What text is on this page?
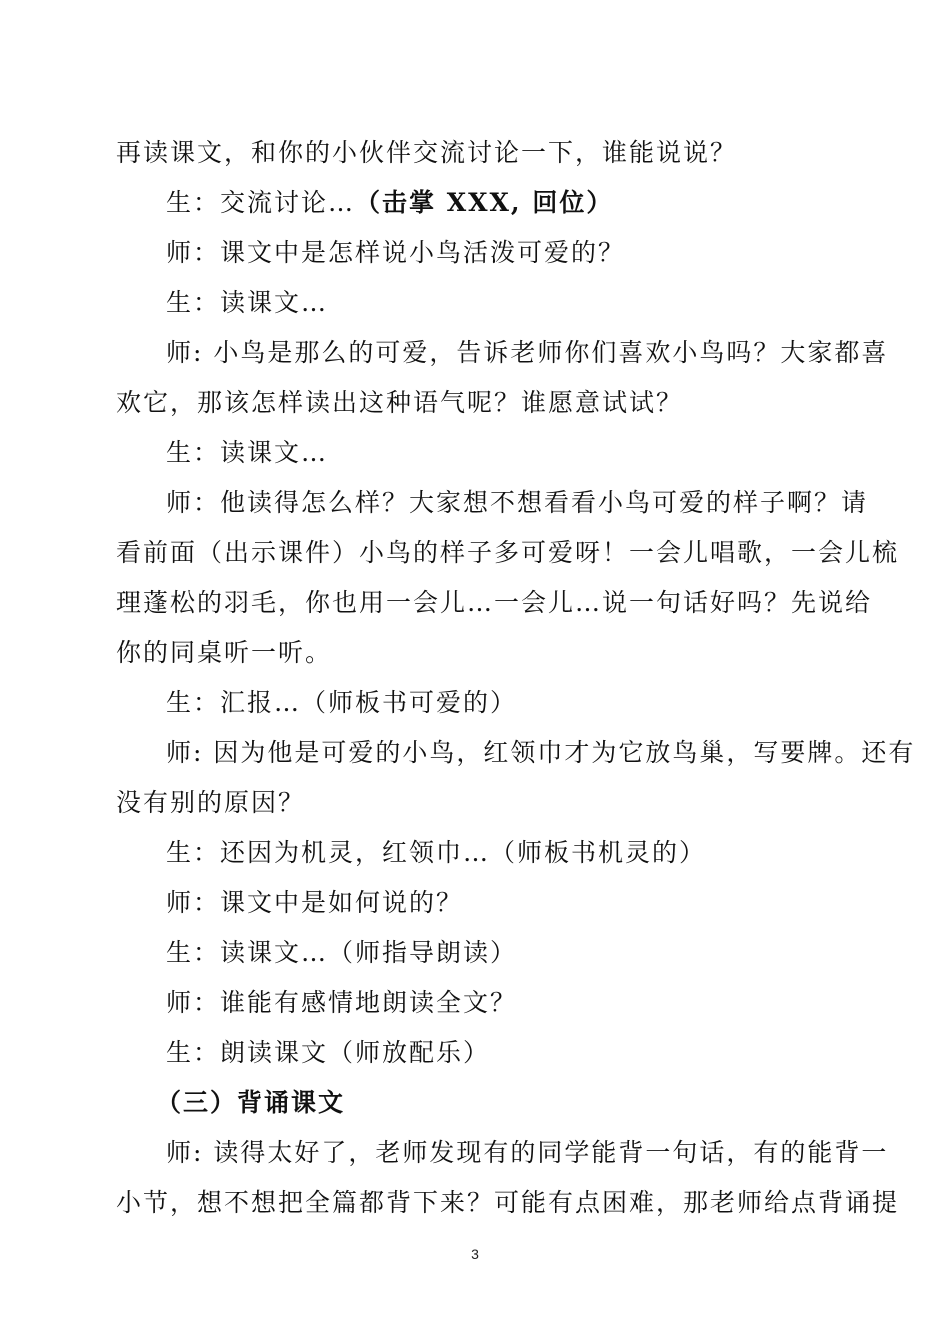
再读课文，和你的小伙伴交流讨论一下，谁能说说？
生：交流讨论…（击掌 XXX, 回位）
师：课文中是怎样说小鸟活泼可爱的？
生：读课文…
师: 小鸟是那么的可爱，告诉老师你们喜欢小鸟吗？大家都喜
欢它，那该怎样读出这种语气呢？谁愿意试试？
生：读课文…
师：他读得怎么样？大家想不想看看小鸟可爱的样子啊？请
看前面（出示课件）小鸟的样子多可爱呀！一会儿唱歌，一会儿梳
理蓬松的羽毛，你也用一会儿…一会儿…说一句话好吗？先说给
你的同桌听一听。
生：汇报…（师板书可爱的）
师: 因为他是可爱的小鸟，红领巾才为它放鸟巢，写要牌。还有
没有别的原因？
生：还因为机灵，红领巾…（师板书机灵的）
师：课文中是如何说的？
生：读课文…（师指导朗读）
师：谁能有感情地朗读全文？
生：朗读课文（师放配乐）
（三）背诵课文
师: 读得太好了，老师发现有的同学能背一句话，有的能背一
小节，想不想把全篇都背下来？可能有点困难，那老师给点背诵提
3
